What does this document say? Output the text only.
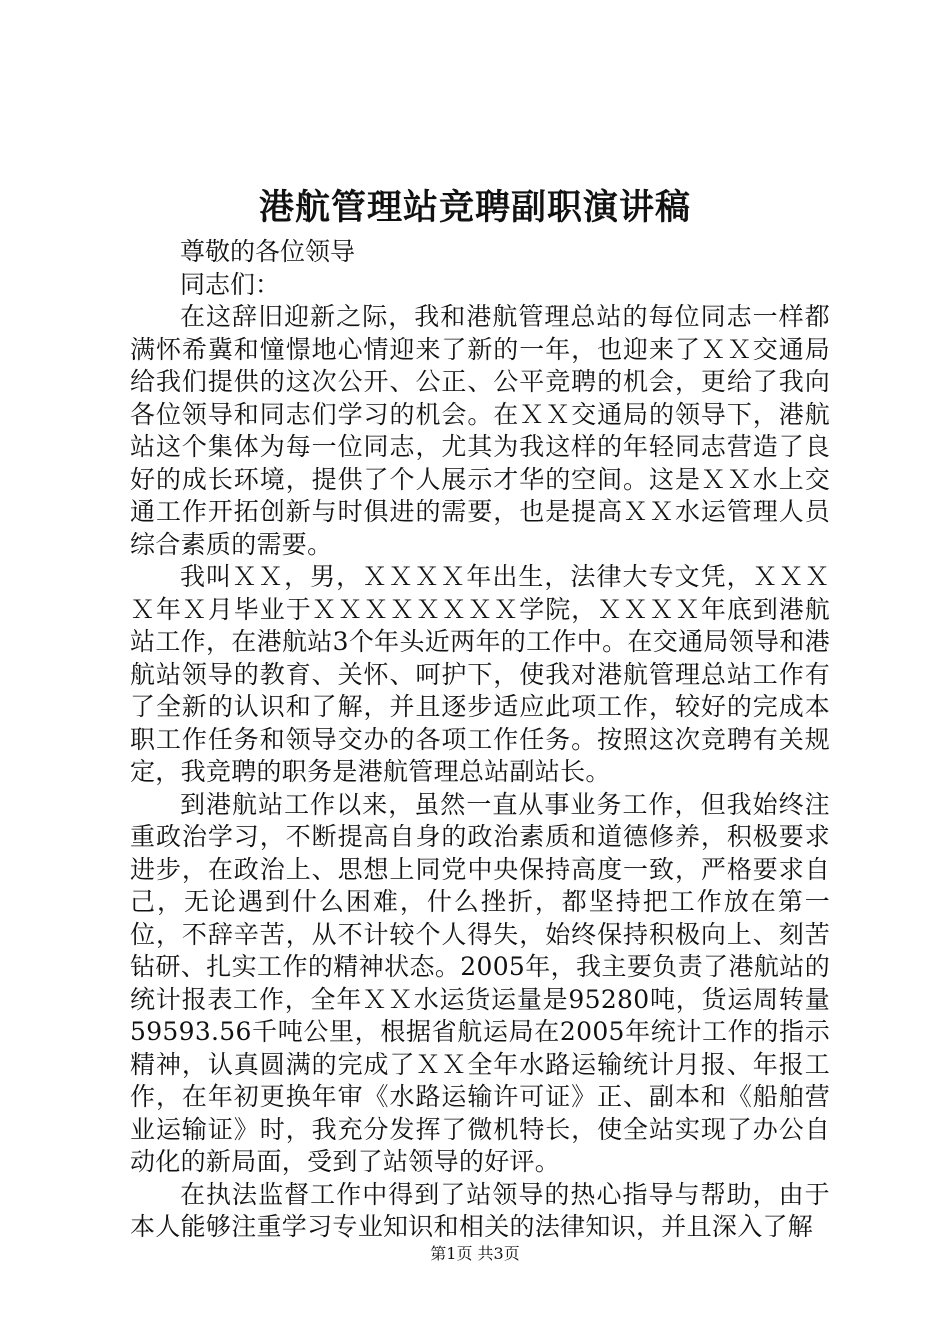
港航管理站竞聘副职演讲稿

尊敬的各位领导

同志们：

在这辞旧迎新之际，我和港航管理总站的每位同志一样都满怀希冀和憧憬地心情迎来了新的一年，也迎来了ＸＸ交通局给我们提供的这次公开、公正、公平竞聘的机会，更给了我向各位领导和同志们学习的机会。在ＸＸ交通局的领导下，港航站这个集体为每一位同志，尤其为我这样的年轻同志营造了良好的成长环境，提供了个人展示才华的空间。这是ＸＸ水上交通工作开拓创新与时俱进的需要，也是提高ＸＸ水运管理人员综合素质的需要。

我叫ＸＸ，男，ＸＸＸＸ年出生，法律大专文凭，ＸＸＸＸ年Ｘ月毕业于ＸＸＸＸＸＸＸＸ学院，ＸＸＸＸ年底到港航站工作，在港航站3个年头近两年的工作中。在交通局领导和港航站领导的教育、关怀、呵护下，使我对港航管理总站工作有了全新的认识和了解，并且逐步适应此项工作，较好的完成本职工作任务和领导交办的各项工作任务。按照这次竞聘有关规定，我竞聘的职务是港航管理总站副站长。

到港航站工作以来，虽然一直从事业务工作，但我始终注重政治学习，不断提高自身的政治素质和道德修养，积极要求进步，在政治上、思想上同党中央保持高度一致，严格要求自己，无论遇到什么困难，什么挫折，都坚持把工作放在第一位，不辞辛苦，从不计较个人得失，始终保持积极向上、刻苦钻研、扎实工作的精神状态。2005年，我主要负责了港航站的统计报表工作，全年ＸＸ水运货运量是95280吨，货运周转量59593.56千吨公里，根据省航运局在2005年统计工作的指示精神，认真圆满的完成了ＸＸ全年水路运输统计月报、年报工作，在年初更换年审《水路运输许可证》正、副本和《船舶营业运输证》时，我充分发挥了微机特长，使全站实现了办公自动化的新局面，受到了站领导的好评。

在执法监督工作中得到了站领导的热心指导与帮助，由于本人能够注重学习专业知识和相关的法律知识，并且深入了解

第1页 共3页
